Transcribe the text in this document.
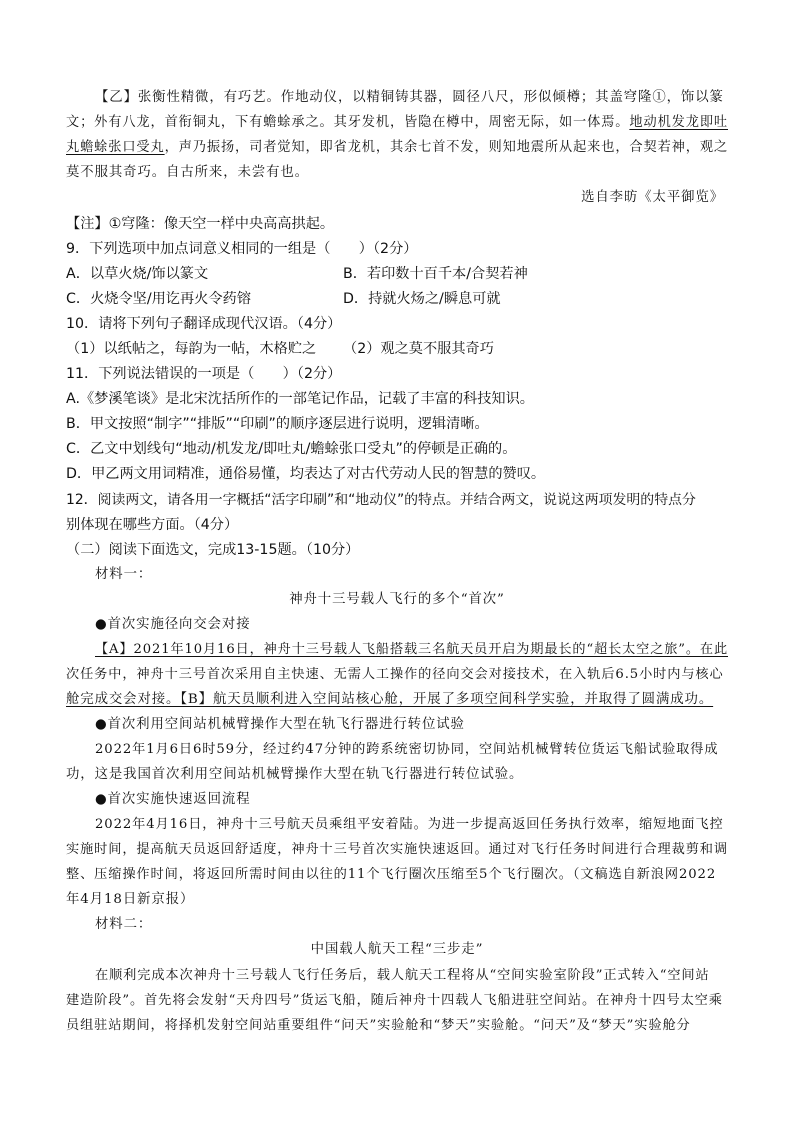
【乙】张衡性精微，有巧艺。作地动仪，以精铜铸其器，圆径八尺，形似倾樽；其盖穹隆①，饰以篆
文；外有八龙，首衔铜丸，下有蟾蜍承之。其牙发机，皆隐在樽中，周密无际，如一体焉。地动机发龙即吐
丸蟾蜍张口受丸，声乃振扬，司者觉知，即省龙机，其余七首不发，则知地震所从起来也，合契若神，观之
莫不服其奇巧。自古所来，未尝有也。
选自李昉《太平御览》
【注】①穹隆：像天空一样中央高高拱起。
9．下列选项中加点词意义相同的一组是（　　）（2分）
A．以草火烧/饰以篆文	B．若印数十百千本/合契若神
C．火烧令坚/用讫再火令药镕	D．持就火炀之/瞬息可就
10．请将下列句子翻译成现代汉语。（4分）
（1）以纸帖之，每韵为一帖，木格贮之 （2）观之莫不服其奇巧
11．下列说法错误的一项是（　　）（2分）
A.《梦溪笔谈》是北宋沈括所作的一部笔记作品，记载了丰富的科技知识。
B．甲文按照“制字”“排版”“印刷”的顺序逐层进行说明，逻辑清晰。
C．乙文中划线句“地动/机发龙/即吐丸/蟾蜍张口受丸”的停顿是正确的。
D．甲乙两文用词精准，通俗易懂，均表达了对古代劳动人民的智慧的赞叹。
12．阅读两文，请各用一字概括“活字印刷”和“地动仪”的特点。并结合两文，说说这两项发明的特点分
别体现在哪些方面。（4分）
（二）阅读下面选文，完成13-15题。（10分）
材料一：
神舟十三号载人飞行的多个“首次”
●首次实施径向交会对接
【A】2021年10月16日，神舟十三号载人飞船搭载三名航天员开启为期最长的“超长太空之旅”。在此
次任务中，神舟十三号首次采用自主快速、无需人工操作的径向交会对接技术，在入轨后6.5小时内与核心
舱完成交会对接。【B】航天员顺利进入空间站核心舱，开展了多项空间科学实验，并取得了圆满成功。
●首次利用空间站机械臂操作大型在轨飞行器进行转位试验
2022年1月6日6时59分，经过约47分钟的跨系统密切协同，空间站机械臂转位货运飞船试验取得成
功，这是我国首次利用空间站机械臂操作大型在轨飞行器进行转位试验。
●首次实施快速返回流程
2022年4月16日，神舟十三号航天员乘组平安着陆。为进一步提高返回任务执行效率，缩短地面飞控
实施时间，提高航天员返回舒适度，神舟十三号首次实施快速返回。通过对飞行任务时间进行合理裁剪和调
整、压缩操作时间，将返回所需时间由以往的11个飞行圈次压缩至5个飞行圈次。（文稿选自新浪网2022
年4月18日新京报）
材料二：
中国载人航天工程“三步走”
在顺利完成本次神舟十三号载人飞行任务后，载人航天工程将从“空间实验室阶段”正式转入“空间站
建造阶段”。首先将会发射“天舟四号”货运飞船，随后神舟十四载人飞船进驻空间站。在神舟十四号太空乘
员组驻站期间，将择机发射空间站重要组件“问天”实验舱和“梦天”实验舱。“问天”及“梦天”实验舱分
